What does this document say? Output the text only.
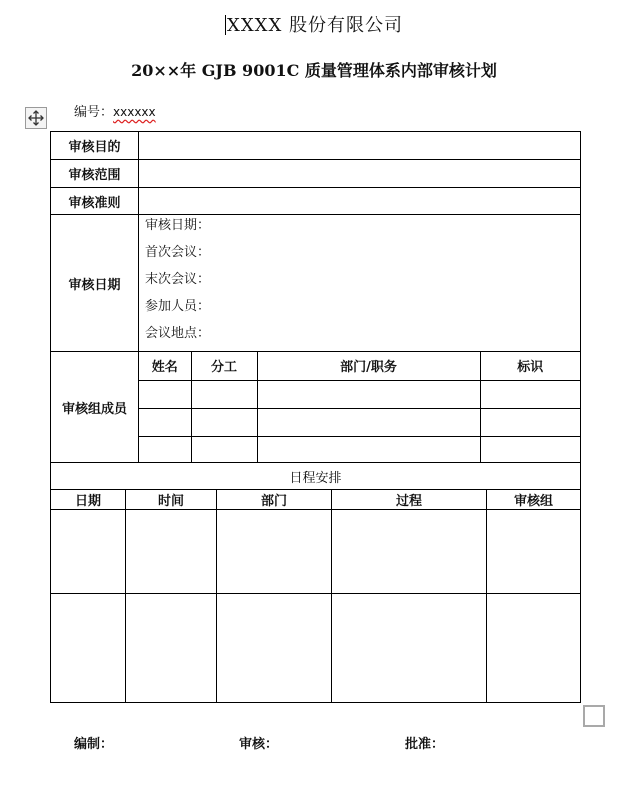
XXXX 股份有限公司
20××年 GJB 9001C 质量管理体系内部审核计划
编号：xxxxxx
审核目的	
审核范围	
审核准则	
审核日期	
审核日期：
首次会议：
末次会议：
参加人员：
会议地点：

审核组成员	
姓名	分工	部门/职务	标识

日程安排
日期	时间	部门	过程	审核组

编制：	审核：	批准：
